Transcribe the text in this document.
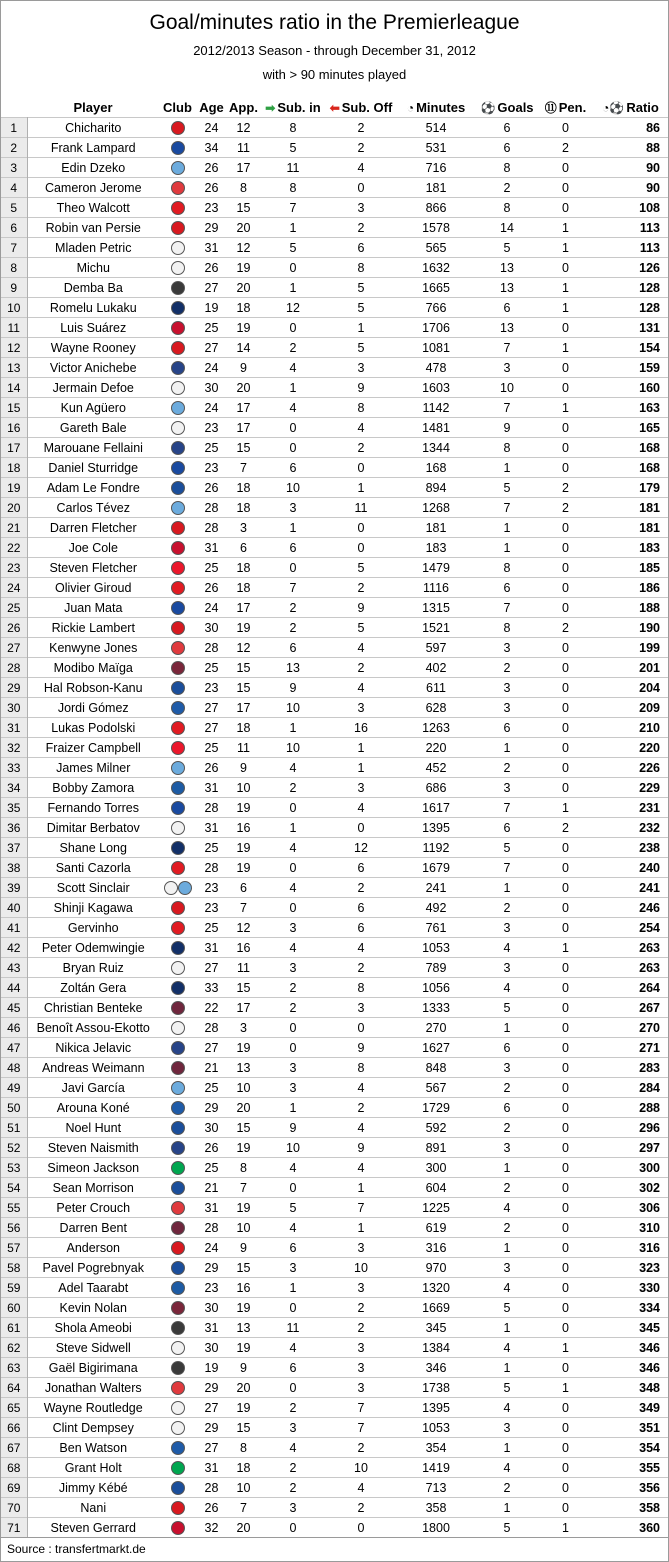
Goal/minutes ratio in the Premierleague
2012/2013 Season - through December 31, 2012
with > 90 minutes played
	Player	Club	Age	App.	➡ Sub. in	⬅ Sub. Off	◔ Minutes	⚽ Goals	⑪ Pen.	◔⚽ Ratio
1	Chicharito		24	12	8	2	514	6	0	86
2	Frank Lampard		34	11	5	2	531	6	2	88
3	Edin Dzeko		26	17	11	4	716	8	0	90
4	Cameron Jerome		26	8	8	0	181	2	0	90
5	Theo Walcott		23	15	7	3	866	8	0	108
6	Robin van Persie		29	20	1	2	1578	14	1	113
7	Mladen Petric		31	12	5	6	565	5	1	113
8	Michu		26	19	0	8	1632	13	0	126
9	Demba Ba		27	20	1	5	1665	13	1	128
10	Romelu Lukaku		19	18	12	5	766	6	1	128
11	Luis Suárez		25	19	0	1	1706	13	0	131
12	Wayne Rooney		27	14	2	5	1081	7	1	154
13	Victor Anichebe		24	9	4	3	478	3	0	159
14	Jermain Defoe		30	20	1	9	1603	10	0	160
15	Kun Agüero		24	17	4	8	1142	7	1	163
16	Gareth Bale		23	17	0	4	1481	9	0	165
17	Marouane Fellaini		25	15	0	2	1344	8	0	168
18	Daniel Sturridge		23	7	6	0	168	1	0	168
19	Adam Le Fondre		26	18	10	1	894	5	2	179
20	Carlos Tévez		28	18	3	11	1268	7	2	181
21	Darren Fletcher		28	3	1	0	181	1	0	181
22	Joe Cole		31	6	6	0	183	1	0	183
23	Steven Fletcher		25	18	0	5	1479	8	0	185
24	Olivier Giroud		26	18	7	2	1116	6	0	186
25	Juan Mata		24	17	2	9	1315	7	0	188
26	Rickie Lambert		30	19	2	5	1521	8	2	190
27	Kenwyne Jones		28	12	6	4	597	3	0	199
28	Modibo Maïga		25	15	13	2	402	2	0	201
29	Hal Robson-Kanu		23	15	9	4	611	3	0	204
30	Jordi Gómez		27	17	10	3	628	3	0	209
31	Lukas Podolski		27	18	1	16	1263	6	0	210
32	Fraizer Campbell		25	11	10	1	220	1	0	220
33	James Milner		26	9	4	1	452	2	0	226
34	Bobby Zamora		31	10	2	3	686	3	0	229
35	Fernando Torres		28	19	0	4	1617	7	1	231
36	Dimitar Berbatov		31	16	1	0	1395	6	2	232
37	Shane Long		25	19	4	12	1192	5	0	238
38	Santi Cazorla		28	19	0	6	1679	7	0	240
39	Scott Sinclair		23	6	4	2	241	1	0	241
40	Shinji Kagawa		23	7	0	6	492	2	0	246
41	Gervinho		25	12	3	6	761	3	0	254
42	Peter Odemwingie		31	16	4	4	1053	4	1	263
43	Bryan Ruiz		27	11	3	2	789	3	0	263
44	Zoltán Gera		33	15	2	8	1056	4	0	264
45	Christian Benteke		22	17	2	3	1333	5	0	267
46	Benoît Assou-Ekotto		28	3	0	0	270	1	0	270
47	Nikica Jelavic		27	19	0	9	1627	6	0	271
48	Andreas Weimann		21	13	3	8	848	3	0	283
49	Javi García		25	10	3	4	567	2	0	284
50	Arouna Koné		29	20	1	2	1729	6	0	288
51	Noel Hunt		30	15	9	4	592	2	0	296
52	Steven Naismith		26	19	10	9	891	3	0	297
53	Simeon Jackson		25	8	4	4	300	1	0	300
54	Sean Morrison		21	7	0	1	604	2	0	302
55	Peter Crouch		31	19	5	7	1225	4	0	306
56	Darren Bent		28	10	4	1	619	2	0	310
57	Anderson		24	9	6	3	316	1	0	316
58	Pavel Pogrebnyak		29	15	3	10	970	3	0	323
59	Adel Taarabt		23	16	1	3	1320	4	0	330
60	Kevin Nolan		30	19	0	2	1669	5	0	334
61	Shola Ameobi		31	13	11	2	345	1	0	345
62	Steve Sidwell		30	19	4	3	1384	4	1	346
63	Gaël Bigirimana		19	9	6	3	346	1	0	346
64	Jonathan Walters		29	20	0	3	1738	5	1	348
65	Wayne Routledge		27	19	2	7	1395	4	0	349
66	Clint Dempsey		29	15	3	7	1053	3	0	351
67	Ben Watson		27	8	4	2	354	1	0	354
68	Grant Holt		31	18	2	10	1419	4	0	355
69	Jimmy Kébé		28	10	2	4	713	2	0	356
70	Nani		26	7	3	2	358	1	0	358
71	Steven Gerrard		32	20	0	0	1800	5	1	360
Source : transfertmarkt.de
